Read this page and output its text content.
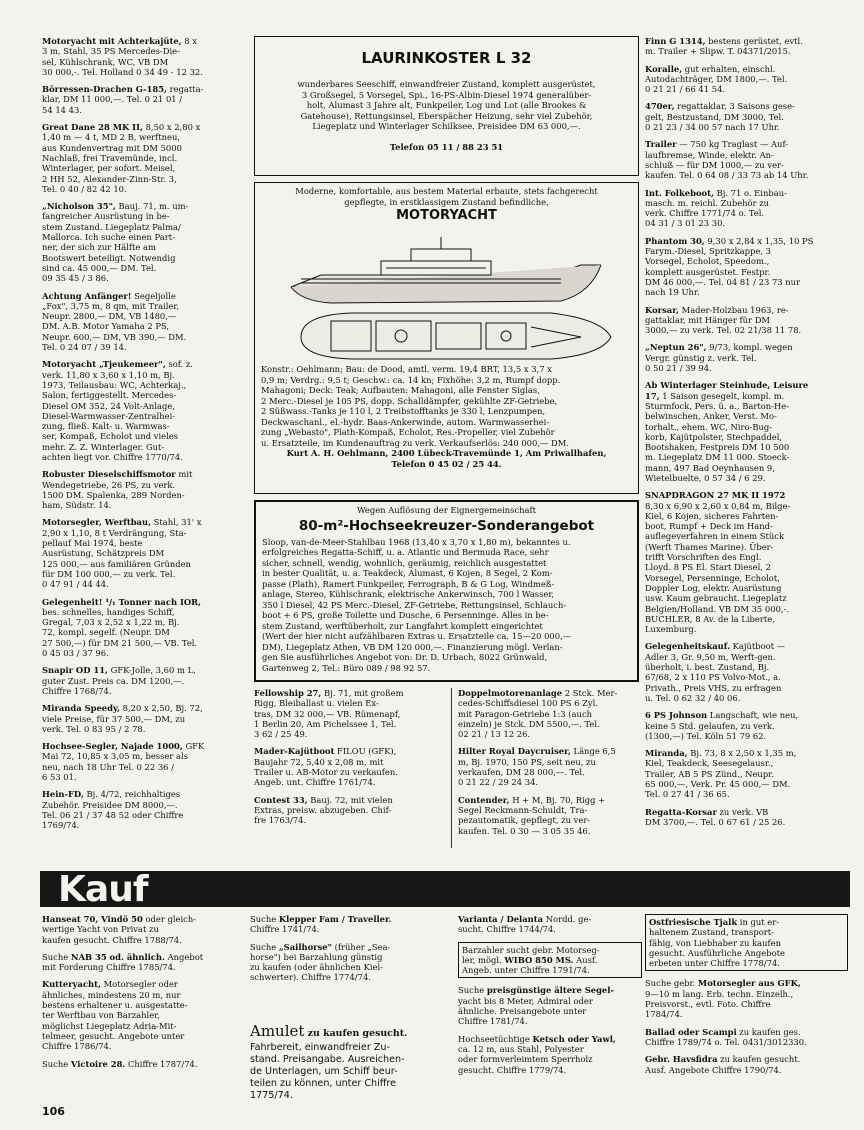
Motoryacht mit Achterkajüte, 8 x
3 m, Stahl, 35 PS Mercedes-Die-
sel, Kühlschrank, WC, VB DM
30 000,-. Tel. Holland 0 34 49 - 12 32.
Börressen-Drachen G-185, regatta-
klar, DM 11 000,—. Tel. 0 21 01 /
54 14 43.
Great Dane 28 MK II, 8,50 x 2,80 x
1,40 m — 4 t, MD 2 B, werftneu,
aus Kundenvertrag mit DM 5000
Nachlaß, frei Travemünde, incl.
Winterlager, per sofort. Meisel,
2 HH 52, Alexander-Zinn-Str. 3,
Tel. 0 40 / 82 42 10.
„Nicholson 35", Bauj. 71, m. um-
fangreicher Ausrüstung in be-
stem Zustand. Liegeplatz Palma/
Mallorca. Ich suche einen Part-
ner, der sich zur Hälfte am
Bootswert beteiligt. Notwendig
sind ca. 45 000,— DM. Tel.
09 35 45 / 3 86.
Achtung Anfänger! Segeljolle
„Fox", 3,75 m, 8 qm, mit Trailer,
Neupr. 2800,— DM, VB 1480,—
DM. A.B. Motor Yamaha 2 PS,
Neupr. 600,— DM, VB 390,— DM.
Tel. 0 24 07 / 39 14.
Motoryacht „Tjeukemeer", sof. z.
verk. 11,80 x 3,60 x 1,10 m, Bj.
1973, Teilausbau: WC, Achterkaj.,
Salon, fertiggestellt. Mercedes-
Diesel OM 352, 24 Volt-Anlage,
Diesel-Warmwasser-Zentralhei-
zung, fließ. Kalt- u. Warmwas-
ser, Kompaß, Echolot und vieles
mehr. Z. Z. Winterlager. Gut-
achten liegt vor. Chiffre 1770/74.
Robuster Dieselschiffsmotor mit
Wendegetriebe, 26 PS, zu verk.
1500 DM. Spalenka, 289 Norden-
ham, Südstr. 14.
Motorsegler, Werftbau, Stahl, 31' x
2,90 x 1,10, 8 t Verdrängung, Sta-
pellauf Mai 1974, beste
Ausrüstung, Schätzpreis DM
125 000,— aus familiären Gründen
für DM 100 000,— zu verk. Tel.
0 47 91 / 44 44.
Gelegenheit! ¹/₁ Tonner nach IOR,
bes. schnelles, handiges Schiff,
Gregal, 7,03 x 2,52 x 1,22 m, Bj.
72, kompl. segelf. (Neupr. DM
27 500,—) für DM 21 500,— VB. Tel.
0 45 03 / 37 96.
Snapir OD 11, GFK-Jolle, 3,60 m L,
guter Zust. Preis ca. DM 1200,—.
Chiffre 1768/74.
Miranda Speedy, 8,20 x 2,50, Bj. 72,
viele Preise, für 37 500,— DM, zu
verk. Tel. 0 83 95 / 2 78.
Hochsee-Segler, Najade 1000, GFK
Mai 72, 10,85 x 3,05 m, besser als
neu, nach 18 Uhr Tel. 0 22 36 /
6 53 01.
Hein-FD, Bj. 4/72, reichhaltiges
Zubehör. Preisidee DM 8000,—.
Tel. 06 21 / 37 48 52 oder Chiffre
1769/74.
LAURINKOSTER L 32
wunderbares Seeschiff, einwandfreier Zustand, komplett ausgerüstet,
3 Großsegel, 5 Vorsegel, Spi., 16-PS-Albin-Diesel 1974 generalüber-
holt, Alumast 3 Jahre alt, Funkpeiler, Log und Lot (alle Brookes &
Gatehouse), Rettungsinsel, Eberspächer Heizung, sehr viel Zubehör,
Liegeplatz und Winterlager Schilksee. Preisidee DM 63 000,—.
Telefon 05 11 / 88 23 51
Moderne, komfortable, aus bestem Material erbaute, stets fachgerecht
gepflegte, in erstklassigem Zustand befindliche,
MOTORYACHT
Konstr.: Oehlmann; Bau: de Dood, amtl. verm. 19,4 BRT, 13,5 x 3,7 x
0,9 m; Verdrg.: 9,5 t; Geschw.: ca. 14 kn; Fixhöhe: 3,2 m, Rumpf dopp.
Mahagoni; Deck: Teak; Aufbauten: Mahagoni, alle Fenster Siglas,
2 Merc.-Diesel je 105 PS, dopp. Schalldämpfer, gekühlte ZF-Getriebe,
2 Süßwass.-Tanks je 110 l, 2 Treibstofftanks je 330 l, Lenzpumpen,
Deckwaschanl., el.-hydr. Baas-Ankerwinde, autom. Warmwasserhei-
zung „Webasto", Plath-Kompaß, Echolot, Res.-Propeller, viel Zubehör
u. Ersatzteile, im Kundenauftrag zu verk. Verkaufserlös: 240 000,— DM.
Kurt A. H. Oehlmann, 2400 Lübeck-Travemünde 1, Am Priwallhafen,
Telefon 0 45 02 / 25 44.
Wegen Auflösung der Eignergemeinschaft
80-m²-Hochseekreuzer-Sonderangebot
Sloop, van-de-Meer-Stahlbau 1968 (13,40 x 3,70 x 1,80 m), bekanntes u.
erfolgreiches Regatta-Schiff, u. a. Atlantic und Bermuda Race, sehr
sicher, schnell, wendig, wohnlich, geräumig, reichlich ausgestattet
in bester Qualität, u. a. Teakdeck, Alumast, 6 Kojen, 8 Segel, 2 Kom-
passe (Plath), Ramert Funkpeiler, Ferrograph, B & G Log, Windmeß-
anlage, Stereo, Kühlschrank, elektrische Ankerwinsch, 700 l Wasser,
350 l Diesel, 42 PS Merc.-Diesel, ZF-Getriebe, Rettungsinsel, Schlauch-
boot + 6 PS, große Toilette und Dusche, 6 Persenninge. Alles in be-
stem Zustand, werftüberholt, zur Langfahrt komplett eingerichtet
(Wert der hier nicht aufzählbaren Extras u. Ersatzteile ca. 15—20 000,—
DM), Liegeplatz Athen, VB DM 120 000,—. Finanzierung mögl. Verlan-
gen Sie ausführliches Angebot von: Dr. D. Urbach, 8022 Grünwald,
Gartenweg 2, Tel.: Büro 089 / 98 92 57.
Fellowship 27, Bj. 71, mit großem
Rigg, Bleiballast u. vielen Ex-
tras, DM 32 000,— VB. Rümenapf,
1 Berlin 20, Am Pichelssee 1, Tel.
3 62 / 25 49.
Mader-Kajütboot FILOU (GFK),
Baujahr 72, 5,40 x 2,08 m, mit
Trailer u. AB-Motor zu verkaufen.
Angeb. unt. Chiffre 1761/74.
Contest 33, Bauj. 72, mit vielen
Extras, preisw. abzugeben. Chif-
fre 1763/74.
Doppelmotorenanlage 2 Stck. Mer-
cedes-Schiffsdiesel 100 PS 6 Zyl.
mit Paragon-Getriebe 1:3 (auch
einzeln) je Stck. DM 5500,—. Tel.
02 21 / 13 12 26.
Hilter Royal Daycruiser, Länge 6,5
m, Bj. 1970, 150 PS, seit neu, zu
verkaufen, DM 28 000,—. Tel.
0 21 22 / 29 24 34.
Contender, H + M, Bj. 70, Rigg +
Segel Reckmann-Schuldt, Tra-
pezautomatik, gepflegt, zu ver-
kaufen. Tel. 0 30 — 3 05 35 46.
Finn G 1314, bestens gerüstet, evtl.
m. Trailer + Slipw. T. 04371/2015.
Koralle, gut erhalten, einschl.
Autodachträger, DM 1800,—. Tel.
0 21 21 / 66 41 54.
470er, regattaklar, 3 Saisons gese-
gelt, Bestzustand, DM 3000, Tel.
0 21 23 / 34 00 57 nach 17 Uhr.
Trailer — 750 kg Traglast — Auf-
laufbremse, Winde, elektr. An-
schluß — für DM 1000,— zu ver-
kaufen. Tel. 0 64 08 / 33 73 ab 14 Uhr.
Int. Folkeboot, Bj. 71 o. Einbau-
masch. m. reichl. Zubehör zu
verk. Chiffre 1771/74 o. Tel.
04 31 / 3 01 23 30.
Phantom 30, 9,30 x 2,84 x 1,35, 10 PS
Farym.-Diesel, Spritzkappe, 3
Vorsegel, Echolot, Speedom.,
komplett ausgerüstet. Festpr.
DM 46 000,—. Tel. 04 81 / 23 73 nur
nach 19 Uhr.
Korsar, Mader-Holzbau 1963, re-
gattaklar, mit Hänger für DM
3000,— zu verk. Tel. 02 21/38 11 78.
„Neptun 26", 9/73, kompl. wegen
Vergr. günstig z. verk. Tel.
0 50 21 / 39 94.
Ab Winterlager Steinhude, Leisure
17, 1 Saison gesegelt, kompl. m.
Sturmfock, Pers. ü. a., Barton-He-
belwinschen, Anker, Verst. Mo-
torhalt., ehem. WC, Niro-Bug-
korb, Kajütpolster, Stechpaddel,
Bootshaken, Festpreis DM 10 500
m. Liegeplatz DM 11 000. Stoeck-
mann, 497 Bad Oeynhausen 9,
Wietelbuelte, 0 57 34 / 6 29.
SNAPDRAGON 27 MK II 1972
8,30 x 6,90 x 2,60 x 0,84 m, Bilge-
Kiel, 6 Kojen, sicheres Fahrten-
boot, Rumpf + Deck im Hand-
auflegeverfahren in einem Stück
(Werft Thames Marine). Über-
trifft Vorschriften des Engl.
Lloyd. 8 PS El. Start Diesel, 2
Vorsegel, Persenninge, Echolot,
Doppler Log, elektr. Ausrüstung
usw. Kaum gebraucht. Liegeplatz
Belgien/Holland. VB DM 35 000,-.
BUCHLER, 8 Av. de la Liberte,
Luxemburg.
Gelegenheitskauf. Kajütboot —
Adler 3, Gr. 9,50 m, Werft-gen.
überholt, i. best. Zustand, Bj.
67/68, 2 x 110 PS Volvo-Mot., a.
Privath., Preis VHS, zu erfragen
u. Tel. 0 62 32 / 40 06.
6 PS Johnson Langschaft, wie neu,
keine 5 Std. gelaufen, zu verk.
(1300,—) Tel. Köln 51 79 62.
Miranda, Bj. 73, 8 x 2,50 x 1,35 m,
Kiel, Teakdeck, Seesegelausr.,
Trailer, AB 5 PS Zünd., Neupr.
65 000,—, Verk. Pr. 45 000,— DM.
Tel. 0 27 41 / 36 65.
Regatta-Korsar zu verk. VB
DM 3700,—. Tel. 0 67 61 / 25 26.
Kauf
Hanseat 70, Vindö 50 oder gleich-
wertige Yacht von Privat zu
kaufen gesucht. Chiffre 1788/74.
Suche NAB 35 od. ähnlich. Angebot
mit Forderung Chiffre 1785/74.
Kutteryacht, Motorsegler oder
ähnliches, mindestens 20 m, nur
bestens erhaltener u. ausgestatte-
ter Werftbau von Barzahler,
möglichst Liegeplatz Adria-Mit-
telmeer, gesucht. Angebote unter
Chiffre 1786/74.
Suche Victoire 28. Chiffre 1787/74.
Suche Klepper Fam / Traveller.
Chiffre 1741/74.
Suche „Sailhorse" (früher „Sea-
horse") bei Barzahlung günstig
zu kaufen (oder ähnlichen Kiel-
schwerter). Chiffre 1774/74.
Amulet zu kaufen gesucht.
Fahrbereit, einwandfreier Zu-
stand. Preisangabe. Ausreichen-
de Unterlagen, um Schiff beur-
teilen zu können, unter Chiffre
1775/74.
Varianta / Delanta Nordd. ge-
sucht. Chiffre 1744/74.
Barzahler sucht gebr. Motorseg-
ler, mögl. WIBO 850 MS. Ausf.
Angeb. unter Chiffre 1791/74.
Suche preisgünstige ältere Segel-
yacht bis 8 Meter, Admiral oder
ähnliche. Preisangebote unter
Chiffre 1781/74.
Hochseetüchtige Ketsch oder Yawl,
ca. 12 m, aus Stahl, Polyester
oder formverleimtem Sperrholz
gesucht. Chiffre 1779/74.
Ostfriesische Tjalk in gut er-
haltenem Zustand, transport-
fähig, von Liebhaber zu kaufen
gesucht. Ausführliche Angebote
erbeten unter Chiffre 1778/74.
Suche gebr. Motorsegler aus GFK,
9—10 m lang. Erb. techn. Einzelh.,
Preisvorst., evtl. Foto. Chiffre
1784/74.
Ballad oder Scampi zu kaufen ges.
Chiffre 1789/74 o. Tel. 0431/3012330.
Gebr. Havsfidra zu kaufen gesucht.
Ausf. Angebote Chiffre 1790/74.
106
